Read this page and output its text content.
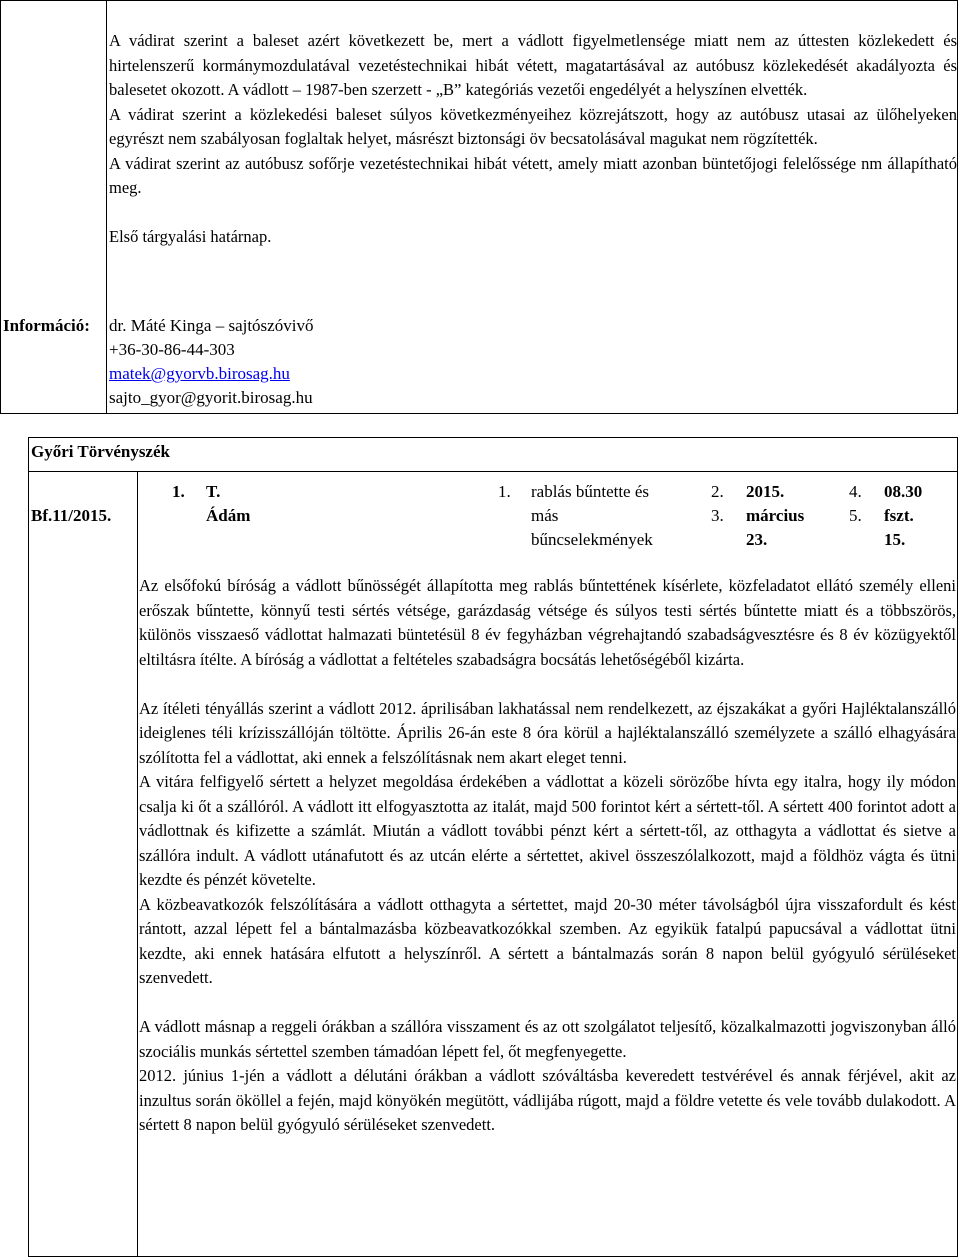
A vádirat szerint a baleset azért következett be, mert a vádlott figyelmetlensége miatt nem az úttesten közlekedett és hirtelenszerű kormánymozdulatával vezetéstechnikai hibát vétett, magatartásával az autóbusz közlekedését akadályozta és balesetet okozott. A vádlott – 1987-ben szerzett - „B” kategóriás vezetői engedélyét a helyszínen elvették.

A vádirat szerint a közlekedési baleset súlyos következményeihez közrejátszott, hogy az autóbusz utasai az ülőhelyeken egyrészt nem szabályosan foglaltak helyet, másrészt biztonsági öv becsatolásával magukat nem rögzítették.

A vádirat szerint az autóbusz sofőrje vezetéstechnikai hibát vétett, amely miatt azonban büntetőjogi felelőssége nm állapítható meg.

Első tárgyalási határnap.

Információ: dr. Máté Kinga – sajtószóvivő
+36-30-86-44-303
matek@gyorvb.birosag.hu
sajto_gyor@gyorit.birosag.hu
Győri Törvényszék
Bf.11/2015.
1. T.
Ádám
1. rablás bűntette és
más
bűncselekmények
2.
3.
2015.
március
23.
4.
5.
08.30
fszt.
15.

Az elsőfokú bíróság a vádlott bűnösségét állapította meg rablás bűntettének kísérlete, közfeladatot ellátó személy elleni erőszak bűntette, könnyű testi sértés vétsége, garázdaság vétsége és súlyos testi sértés bűntette miatt és a többszörös, különös visszaeső vádlottat halmazati büntetésül 8 év fegyházban végrehajtandó szabadságvesztésre és 8 év közügyektől eltiltásra ítélte. A bíróság a vádlottat a feltételes szabadságra bocsátás lehetőségéből kizárta.

Az ítéleti tényállás szerint a vádlott 2012. áprilisában lakhatással nem rendelkezett, az éjszakákat a győri Hajléktalanszálló ideiglenes téli krízisszállóján töltötte. Április 26-án este 8 óra körül a hajléktalanszálló személyzete a szálló elhagyására szólította fel a vádlottat, aki ennek a felszólításnak nem akart eleget tenni.

A vitára felfigyelő sértett a helyzet megoldása érdekében a vádlottat a közeli sörözőbe hívta egy italra, hogy ily módon csalja ki őt a szállóról. A vádlott itt elfogyasztotta az italát, majd 500 forintot kért a sértett-től. A sértett 400 forintot adott a vádlottnak és kifizette a számlát. Miután a vádlott további pénzt kért a sértett-től, az otthagyta a vádlottat és sietve a szállóra indult. A vádlott utánafutott és az utcán elérte a sértettet, akivel összeszólalkozott, majd a földhöz vágta és ütni kezdte és pénzét követelte.

A közbeavatkozók felszólítására a vádlott otthagyta a sértettet, majd 20-30 méter távolságból újra visszafordult és kést rántott, azzal lépett fel a bántalmazásba közbeavatkozókkal szemben. Az egyikük fatalpú papucsával a vádlottat ütni kezdte, aki ennek hatására elfutott a helyszínről. A sértett a bántalmazás során 8 napon belül gyógyuló sérüléseket szenvedett.

A vádlott másnap a reggeli órákban a szállóra visszament és az ott szolgálatot teljesítő, közalkalmazotti jogviszonyban álló szociális munkás sértettel szemben támadóan lépett fel, őt megfenyegette.

2012. június 1-jén a vádlott a délutáni órákban a vádlott szóváltásba keveredett testvérével és annak férjével, akit az inzultus során ököllel a fején, majd könyökén megütött, vádlijába rúgott, majd a földre vetette és vele tovább dulakodott. A sértett 8 napon belül gyógyuló sérüléseket szenvedett.
